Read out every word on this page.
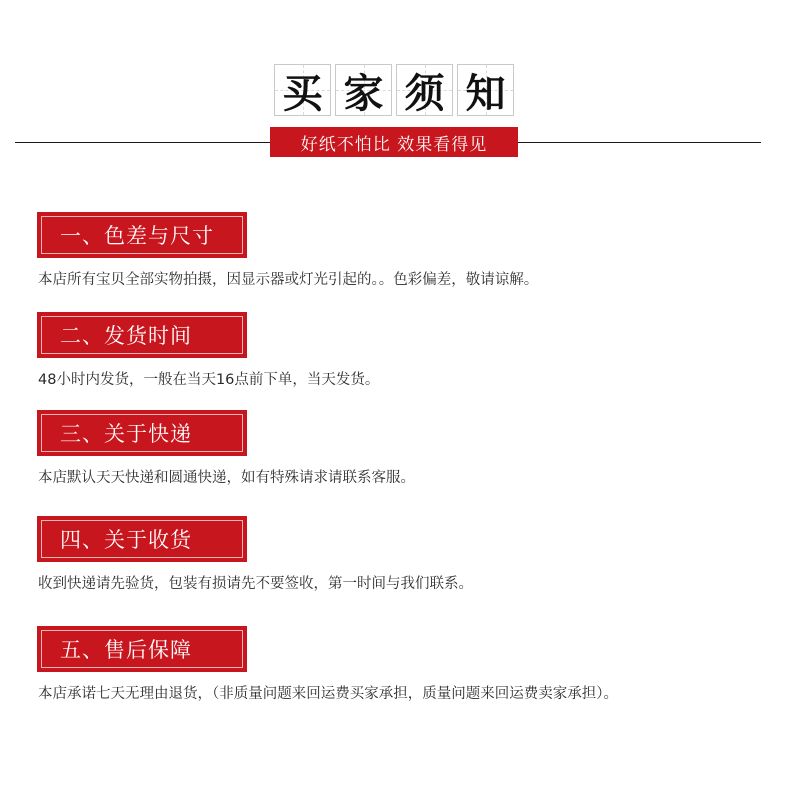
买 家 须 知
好纸不怕比 效果看得见
一、色差与尺寸
本店所有宝贝全部实物拍摄，因显示器或灯光引起的。。色彩偏差，敬请谅解。
二、发货时间
48小时内发货，一般在当天16点前下单，当天发货。
三、关于快递
本店默认天天快递和圆通快递，如有特殊请求请联系客服。
四、关于收货
收到快递请先验货，包装有损请先不要签收，第一时间与我们联系。
五、售后保障
本店承诺七天无理由退货，（非质量问题来回运费买家承担，质量问题来回运费卖家承担）。
